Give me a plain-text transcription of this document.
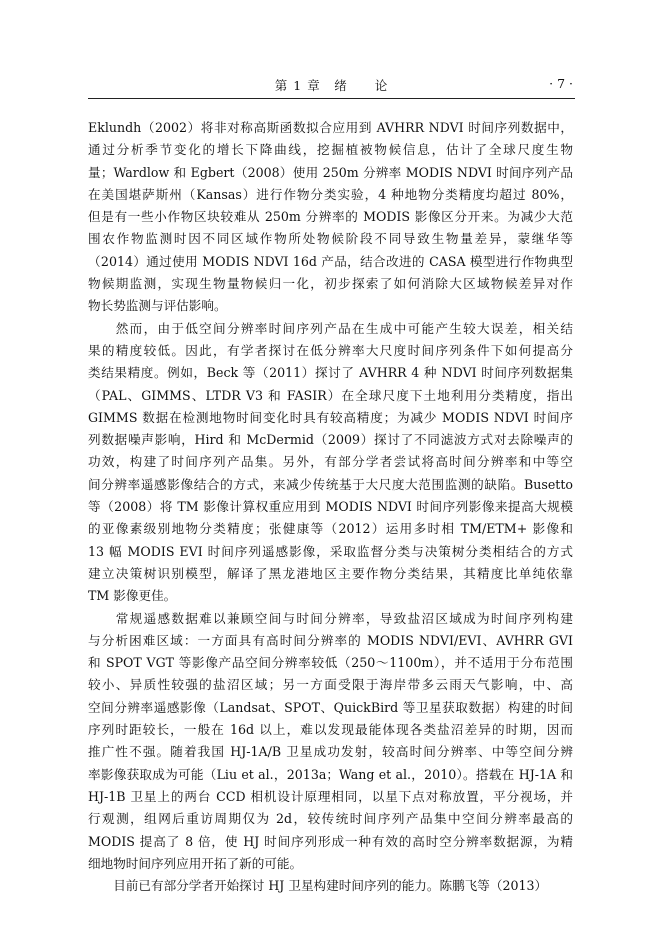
第 1 章　绪　　论	· 7 ·
Eklundh（2002）将非对称高斯函数拟合应用到 AVHRR NDVI 时间序列数据中，
通过分析季节变化的增长下降曲线，挖掘植被物候信息，估计了全球尺度生物
量；Wardlow 和 Egbert（2008）使用 250m 分辨率 MODIS NDVI 时间序列产品
在美国堪萨斯州（Kansas）进行作物分类实验，4 种地物分类精度均超过 80%，
但是有一些小作物区块较难从 250m 分辨率的 MODIS 影像区分开来。为减少大范
围农作物监测时因不同区域作物所处物候阶段不同导致生物量差异，蒙继华等
（2014）通过使用 MODIS NDVI 16d 产品，结合改进的 CASA 模型进行作物典型
物候期监测，实现生物量物候归一化，初步探索了如何消除大区域物候差异对作
物长势监测与评估影响。
　　然而，由于低空间分辨率时间序列产品在生成中可能产生较大误差，相关结
果的精度较低。因此，有学者探讨在低分辨率大尺度时间序列条件下如何提高分
类结果精度。例如，Beck 等（2011）探讨了 AVHRR 4 种 NDVI 时间序列数据集
（PAL、GIMMS、LTDR V3 和 FASIR）在全球尺度下土地利用分类精度，指出
GIMMS 数据在检测地物时间变化时具有较高精度；为减少 MODIS NDVI 时间序
列数据噪声影响，Hird 和 McDermid（2009）探讨了不同滤波方式对去除噪声的
功效，构建了时间序列产品集。另外，有部分学者尝试将高时间分辨率和中等空
间分辨率遥感影像结合的方式，来减少传统基于大尺度大范围监测的缺陷。Busetto
等（2008）将 TM 影像计算权重应用到 MODIS NDVI 时间序列影像来提高大规模
的亚像素级别地物分类精度；张健康等（2012）运用多时相 TM/ETM+ 影像和
13 幅 MODIS EVI 时间序列遥感影像，采取监督分类与决策树分类相结合的方式
建立决策树识别模型，解译了黑龙港地区主要作物分类结果，其精度比单纯依靠
TM 影像更佳。
　　常规遥感数据难以兼顾空间与时间分辨率，导致盐沼区域成为时间序列构建
与分析困难区域：一方面具有高时间分辨率的 MODIS NDVI/EVI、AVHRR GVI
和 SPOT VGT 等影像产品空间分辨率较低（250～1100m），并不适用于分布范围
较小、异质性较强的盐沼区域；另一方面受限于海岸带多云雨天气影响，中、高
空间分辨率遥感影像（Landsat、SPOT、QuickBird 等卫星获取数据）构建的时间
序列时距较长，一般在 16d 以上，难以发现最能体现各类盐沼差异的时期，因而
推广性不强。随着我国 HJ-1A/B 卫星成功发射，较高时间分辨率、中等空间分辨
率影像获取成为可能（Liu et al.，2013a；Wang et al.，2010）。搭载在 HJ-1A 和
HJ-1B 卫星上的两台 CCD 相机设计原理相同，以星下点对称放置，平分视场，并
行观测，组网后重访周期仅为 2d，较传统时间序列产品集中空间分辨率最高的
MODIS 提高了 8 倍，使 HJ 时间序列形成一种有效的高时空分辨率数据源，为精
细地物时间序列应用开拓了新的可能。
　　目前已有部分学者开始探讨 HJ 卫星构建时间序列的能力。陈鹏飞等（2013）
